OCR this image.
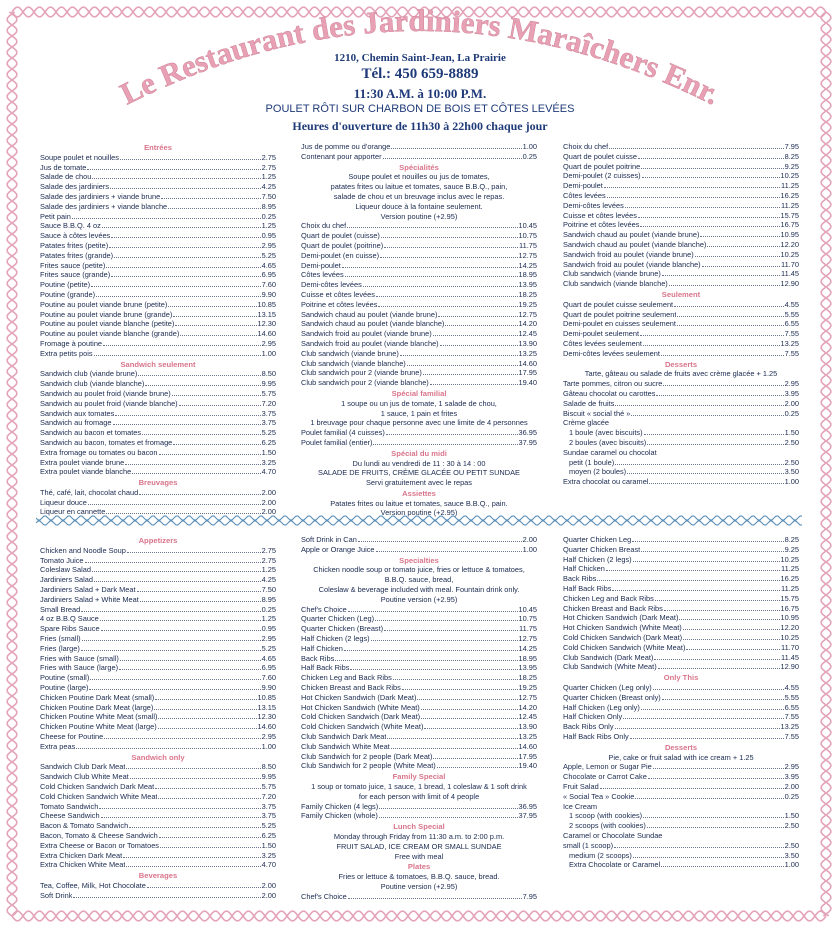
Le Restaurant des Jardiniers Maraîchers Enr.
1210, Chemin Saint-Jean, La Prairie
Tél.: 450 659-8889
11:30 A.M. à 10:00 P.M.
POULET RÔTI SUR CHARBON DE BOIS ET CÔTES LEVÉES
Heures d'ouverture de 11h30 à 22h00 chaque jour
Entrées
Soupe poulet et nouilles	2.75
Jus de tomate	2.75
Salade de chou	1.25
Salade des jardiniers	4.25
Salade des jardiniers + viande brune	7.50
Salade des jardiniers + viande blanche	8.95
Petit pain	0.25
Sauce B.B.Q. 4 oz	1.25
Sauce à côtes levées	0.95
Patates frites (petite)	2.95
Patates frites (grande)	5.25
Frites sauce (petite)	4.65
Frites sauce (grande)	6.95
Poutine (petite)	7.60
Poutine (grande)	9.90
Poutine au poulet viande brune (petite)	10.85
Poutine au poulet viande brune (grande)	13.15
Poutine au poulet viande blanche (petite)	12.30
Poutine au poulet viande blanche (grande)	14.60
Fromage à poutine	2.95
Extra petits pois	1.00
Sandwich seulement
Sandwich club (viande brune)	8.50
Sandwich club (viande blanche)	9.95
Sandwich au poulet froid (viande brune)	5.75
Sandwich au poulet froid (viande blanche)	7.20
Sandwich aux tomates	3.75
Sandwich au fromage	3.75
Sandwich au bacon et tomates	5.25
Sandwich au bacon, tomates et fromage	6.25
Extra fromage ou tomates ou bacon	1.50
Extra poulet viande brune	3.25
Extra poulet viande blanche	4.70
Breuvages
Thé, café, lait, chocolat chaud	2.00
Liqueur douce	2.00
Liqueur en cannette	2.00
Jus de pomme ou d'orange	1.00
Contenant pour apporter	0.25
Spécialités
Soupe poulet et nouilles ou jus de tomates,
patates frites ou laitue et tomates, sauce B.B.Q., pain,
salade de chou et un breuvage inclus avec le repas.
Liqueur douce à la fontaine seulement.
Version poutine (+2.95)
Choix du chef	10.45
Quart de poulet (cuisse)	10.75
Quart de poulet (poitrine)	11.75
Demi-poulet (en cuisse)	12.75
Demi-poulet	14.25
Côtes levées	18.95
Demi-côtes levées	13.95
Cuisse et côtes levées	18.25
Poitrine et côtes levées	19.25
Sandwich chaud au poulet (viande brune)	12.75
Sandwich chaud au poulet (viande blanche)	14.20
Sandwich froid au poulet (viande brune)	12.45
Sandwich froid au poulet (viande blanche)	13.90
Club sandwich (viande brune)	13.25
Club sandwich (viande blanche)	14.60
Club sandwich pour 2 (viande brune)	17.95
Club sandwich pour 2 (viande blanche)	19.40
Spécial familial
1 soupe ou un jus de tomate, 1 salade de chou,
1 sauce, 1 pain et frites
1 breuvage pour chaque personne avec une limite de 4 personnes
Poulet familial (4 cuisses)	36.95
Poulet familial (entier)	37.95
Spécial du midi
Du lundi au vendredi de 11 : 30 à 14 : 00
SALADE DE FRUITS, CRÈME GLACÉE OU PETIT SUNDAE
Servi gratuitement avec le repas
Assiettes
Patates frites ou laitue et tomates, sauce B.B.Q., pain.
Version poutine (+2.95)
Choix du chef	7.95
Quart de poulet cuisse	8.25
Quart de poulet poitrine	9.25
Demi-poulet (2 cuisses)	10.25
Demi-poulet	11.25
Côtes levées	16.25
Demi-côtes levées	11.25
Cuisse et côtes levées	15.75
Poitrine et côtes levées	16.75
Sandwich chaud au poulet (viande brune)	10.95
Sandwich chaud au poulet (viande blanche)	12.20
Sandwich froid au poulet (viande brune)	10.25
Sandwich froid au poulet (viande blanche)	11.70
Club sandwich (viande brune)	11.45
Club sandwich (viande blanche)	12.90
Seulement
Quart de poulet cuisse seulement	4.55
Quart de poulet poitrine seulement	5.55
Demi-poulet en cuisses seulement	6.55
Demi-poulet seulement	7.55
Côtes levées seulement	13.25
Demi-côtes levées seulement	7.55
Desserts
Tarte, gâteau ou salade de fruits avec crème glacée + 1.25
Tarte pommes, citron ou sucre	2.95
Gâteau chocolat ou carottes	3.95
Salade de fruits	2.00
Biscuit « social thé »	0.25
Crème glacée
1 boule (avec biscuits)	1.50
2 boules (avec biscuits)	2.50
Sundae caramel ou chocolat
petit (1 boule)	2.50
moyen (2 boules)	3.50
Extra chocolat ou caramel	1.00
Appetizers
Chicken and Noodle Soup	2.75
Tomato Juice	2.75
Coleslaw Salad	1.25
Jardiniers Salad	4.25
Jardiniers Salad + Dark Meat	7.50
Jardiniers Salad + White Meat	8.95
Small Bread	0.25
4 oz B.B.Q Sauce	1.25
Spare Ribs Sauce	0.95
Fries (small)	2.95
Fries (large)	5.25
Fries with Sauce (small)	4.65
Fries with Sauce (large)	6.95
Poutine (small)	7.60
Poutine (large)	9.90
Chicken Poutine Dark Meat (small)	10.85
Chicken Poutine Dark Meat (large)	13.15
Chicken Poutine White Meat (small)	12.30
Chicken Poutine White Meat (large)	14.60
Cheese for Poutine	2.95
Extra peas	1.00
Sandwich only
Sandwich Club Dark Meat	8.50
Sandwich Club White Meat	9.95
Cold Chicken Sandwich Dark Meat	5.75
Cold Chicken Sandwich White Meat	7.20
Tomato Sandwich	3.75
Cheese Sandwich	3.75
Bacon & Tomato Sandwich	5.25
Bacon, Tomato & Cheese Sandwich	6.25
Extra Cheese or Bacon or Tomatoes	1.50
Extra Chicken Dark Meat	3.25
Extra Chicken White Meat	4.70
Beverages
Tea, Coffee, Milk, Hot Chocolate	2.00
Soft Drink	2.00
Soft Drink in Can	2.00
Apple or Orange Juice	1.00
Specialties
Chicken noodle soup or tomato juice, fries or lettuce & tomatoes,
B.B.Q. sauce, bread,
Coleslaw & beverage included with meal. Fountain drink only.
Poutine version (+2.95)
Chef's Choice	10.45
Quarter Chicken (Leg)	10.75
Quarter Chicken (Breast)	11.75
Half Chicken (2 legs)	12.75
Half Chicken	14.25
Back Ribs	18.95
Half Back Ribs	13.95
Chicken Leg and Back Ribs	18.25
Chicken Breast and Back Ribs	19.25
Hot Chicken Sandwich (Dark Meat)	12.75
Hot Chicken Sandwich (White Meat)	14.20
Cold Chicken Sandwich (Dark Meat)	12.45
Cold Chicken Sandwich (White Meat)	13.90
Club Sandwich Dark Meat	13.25
Club Sandwich White Meat	14.60
Club Sandwich for 2 people (Dark Meat)	17.95
Club Sandwich for 2 people (White Meat)	19.40
Family Special
1 soup or tomato juice, 1 sauce, 1 bread, 1 coleslaw & 1 soft drink
for each person with limit of 4 people
Family Chicken (4 legs)	36.95
Family Chicken (whole)	37.95
Lunch Special
Monday through Friday from 11:30 a.m. to 2:00 p.m.
FRUIT SALAD, ICE CREAM OR SMALL SUNDAE
Free with meal
Plates
Fries or lettuce & tomatoes, B.B.Q. sauce, bread.
Poutine version (+2.95)
Chef's Choice	7.95
Quarter Chicken Leg	8.25
Quarter Chicken Breast	9.25
Half Chicken (2 legs)	10.25
Half Chicken	11.25
Back Ribs	16.25
Half Back Ribs	11.25
Chicken Leg and Back Ribs	15.75
Chicken Breast and Back Ribs	16.75
Hot Chicken Sandwich (Dark Meat)	10.95
Hot Chicken Sandwich (White Meat)	12.20
Cold Chicken Sandwich (Dark Meat)	10.25
Cold Chicken Sandwich (White Meat)	11.70
Club Sandwich (Dark Meat)	11.45
Club Sandwich (White Meat)	12.90
Only This
Quarter Chicken (Leg only)	4.55
Quarter Chicken (Breast only)	5.55
Half Chicken (Leg only)	6.55
Half Chicken Only	7.55
Back Ribs Only	13.25
Half Back Ribs Only	7.55
Desserts
Pie, cake or fruit salad with ice cream + 1.25
Apple, Lemon or Sugar Pie	2.95
Chocolate or Carrot Cake	3.95
Fruit Salad	2.00
« Social Tea » Cookie	0.25
Ice Cream
1 scoop (with cookies)	1.50
2 scoops (with cookies)	2.50
Caramel or Chocolate Sundae
small (1 scoop)	2.50
medium (2 scoops)	3.50
Extra Chocolate or Caramel	1.00
